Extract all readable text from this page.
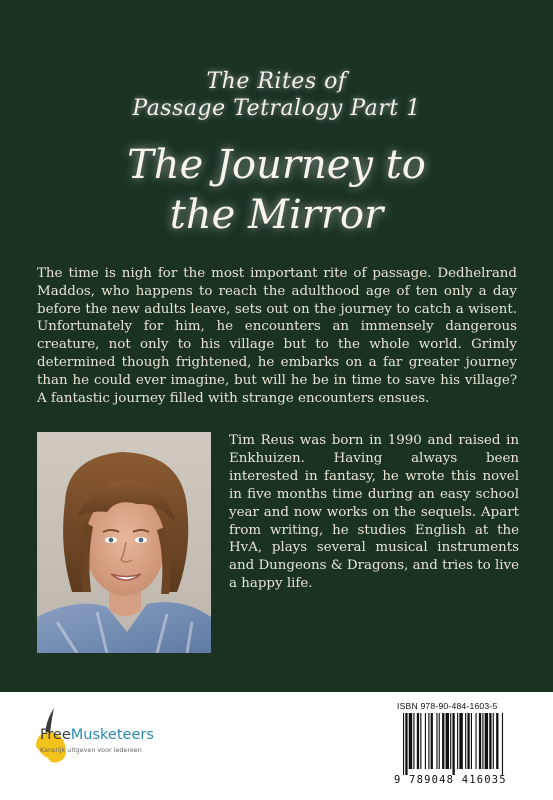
The Rites of
Passage Tetralogy Part 1
The Journey to
the Mirror
The time is nigh for the most important rite of passage. Dedhelrand Maddos, who happens to reach the adulthood age of ten only a day before the new adults leave, sets out on the journey to catch a wisent. Unfortunately for him, he encounters an immensely dangerous creature, not only to his village but to the whole world. Grimly determined though frightened, he embarks on a far greater journey than he could ever imagine, but will he be in time to save his village? A fantastic journey filled with strange encounters ensues.
Tim Reus was born in 1990 and raised in Enkhuizen. Having always been interested in fantasy, he wrote this novel in five months time during an easy school year and now works on the sequels. Apart from writing, he studies English at the HvA, plays several musical instruments and Dungeons & Dragons, and tries to live a happy life.
FreeMusketeers
Kansrijk uitgeven voor iedereen
ISBN 978-90-484-1603-5
9 789048 416035
